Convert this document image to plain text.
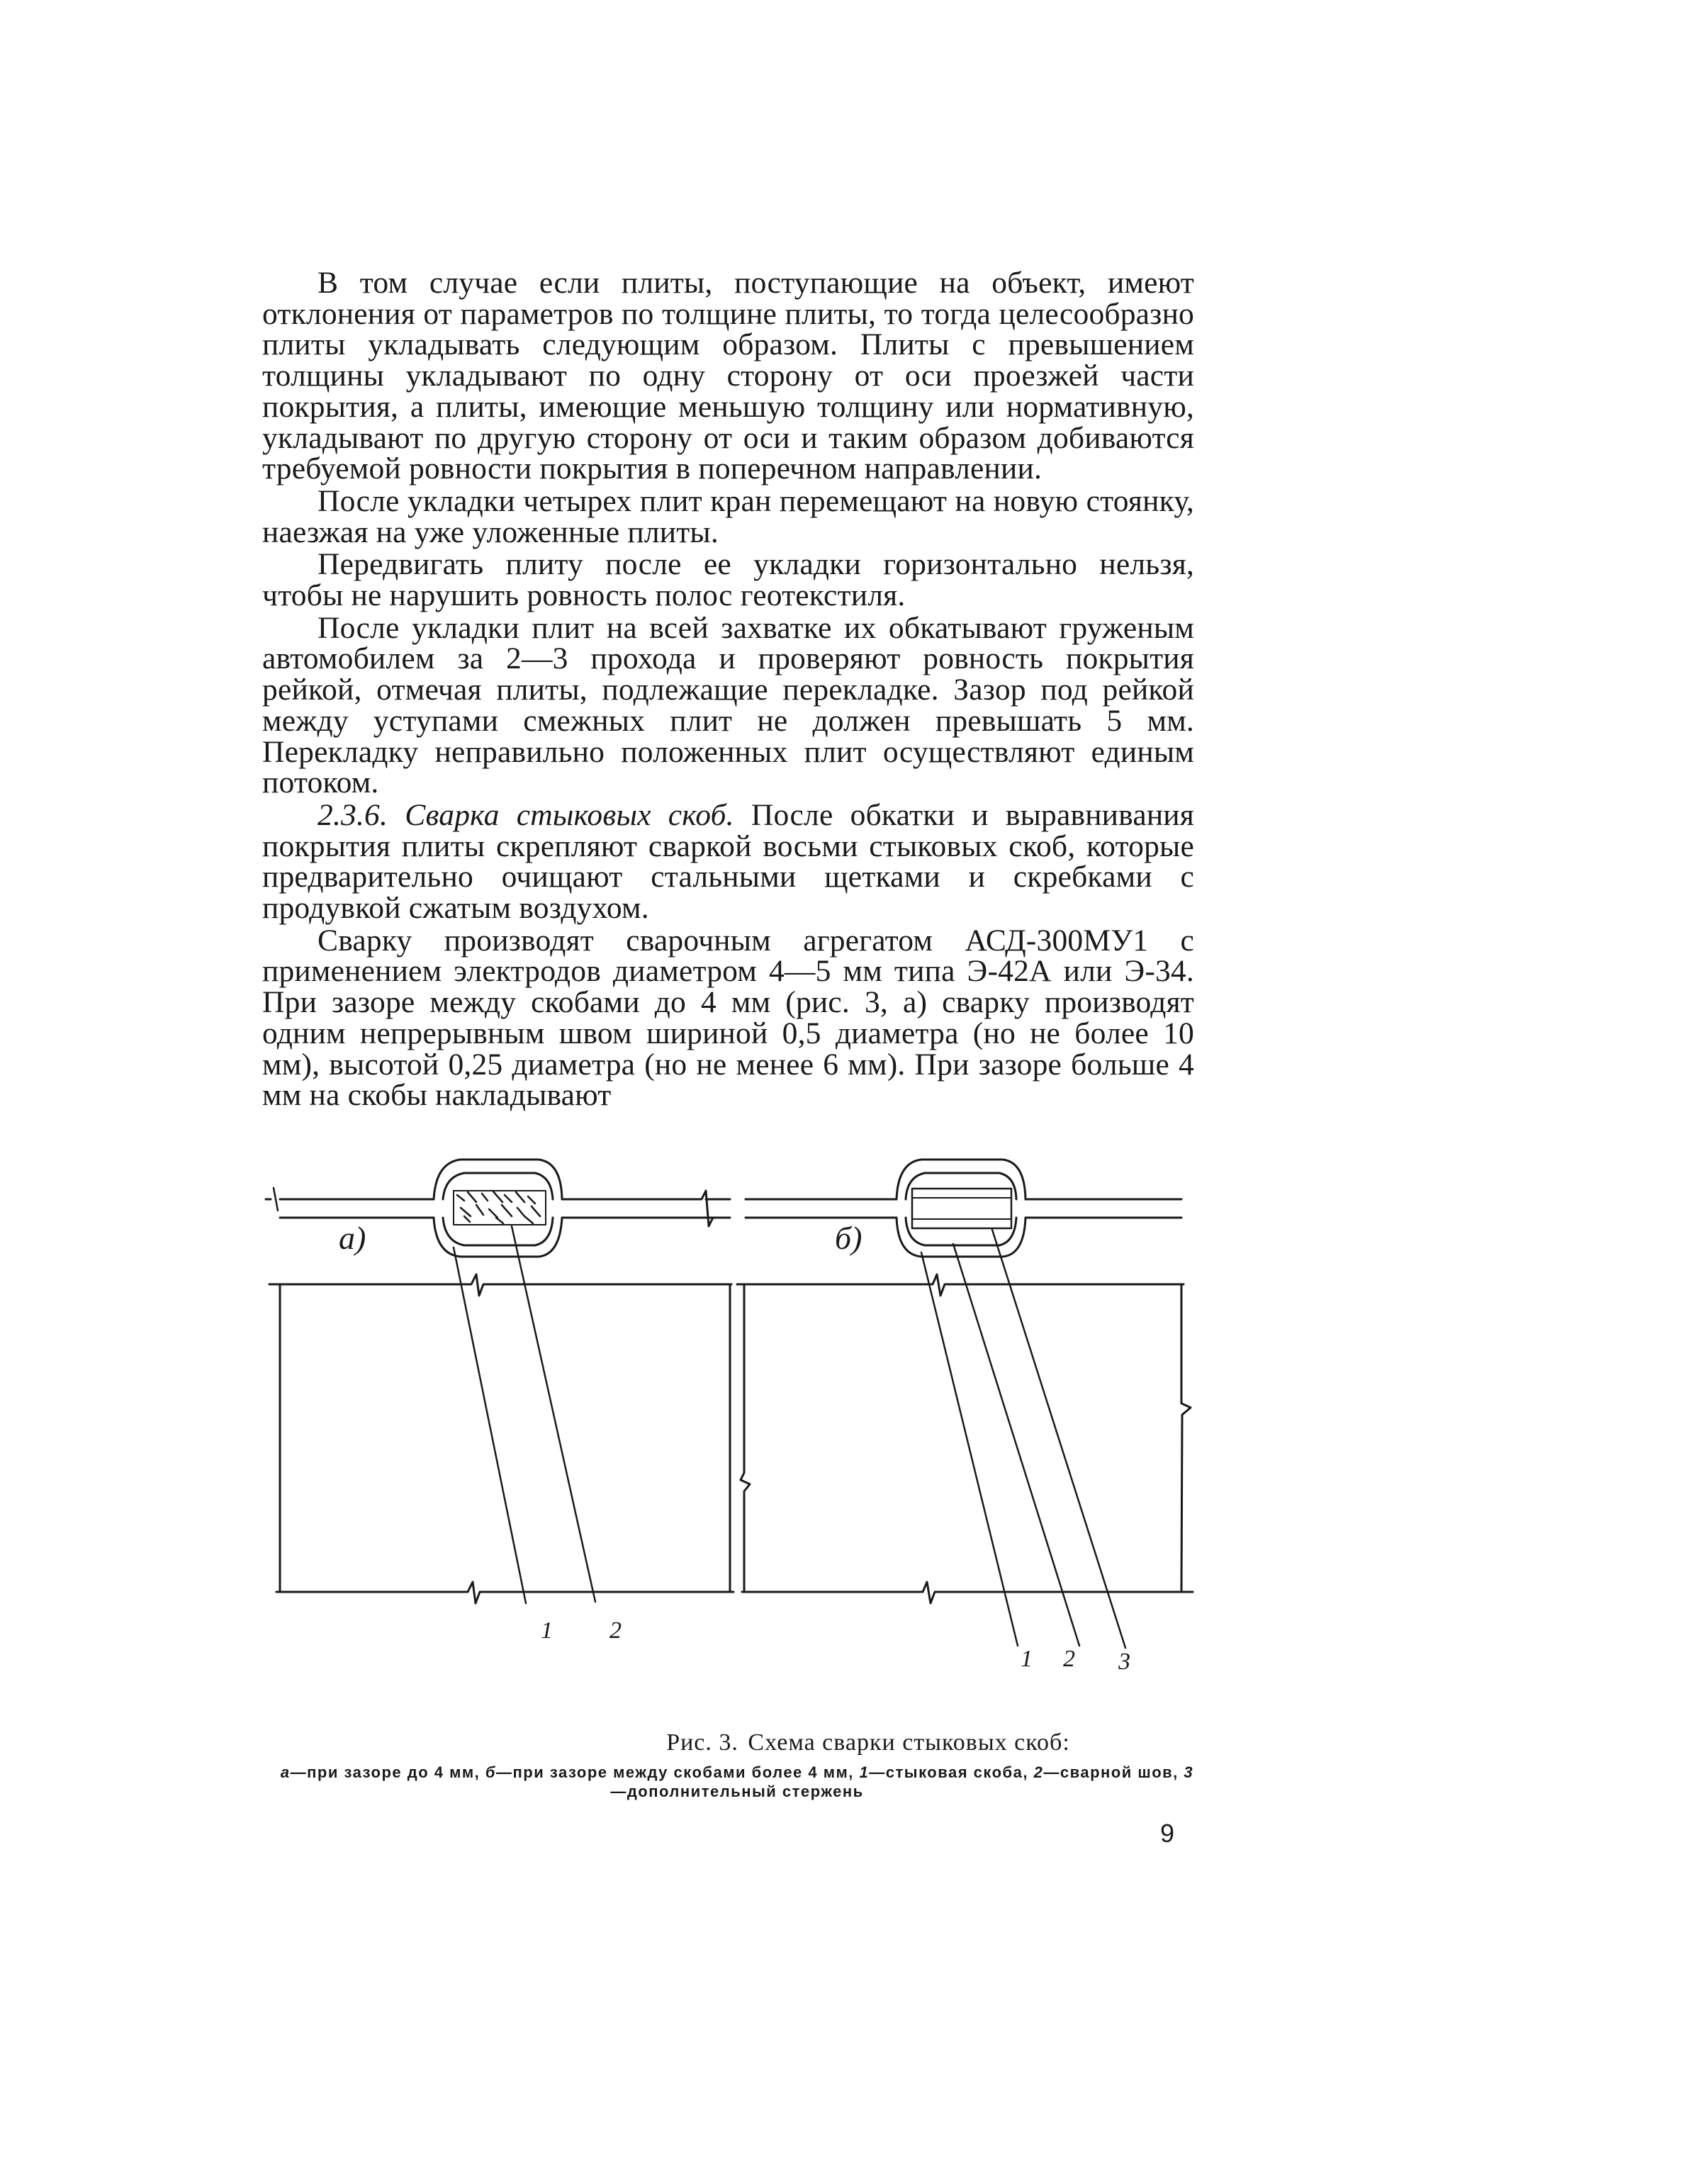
В том случае если плиты, поступающие на объект, имеют отклонения от параметров по толщине плиты, то тогда целесообразно плиты укладывать следующим образом. Плиты с превышением толщины укладывают по одну сторону от оси проезжей части покрытия, а плиты, имеющие меньшую толщину или нормативную, укладывают по другую сторону от оси и таким образом добиваются требуемой ровности покрытия в поперечном направлении.

После укладки четырех плит кран перемещают на новую стоянку, наезжая на уже уложенные плиты.

Передвигать плиту после ее укладки горизонтально нельзя, чтобы не нарушить ровность полос геотекстиля.

После укладки плит на всей захватке их обкатывают груженым автомобилем за 2—3 прохода и проверяют ровность покрытия рейкой, отмечая плиты, подлежащие перекладке. Зазор под рейкой между уступами смежных плит не должен превышать 5 мм. Перекладку неправильно положенных плит осуществляют единым потоком.

2.3.6. Сварка стыковых скоб. После обкатки и выравнивания покрытия плиты скрепляют сваркой восьми стыковых скоб, которые предварительно очищают стальными щетками и скребками с продувкой сжатым воздухом.

Сварку производят сварочным агрегатом АСД-300МУ1 с применением электродов диаметром 4—5 мм типа Э-42А или Э-34. При зазоре между скобами до 4 мм (рис. 3, а) сварку производят одним непрерывным швом шириной 0,5 диаметра (но не более 10 мм), высотой 0,25 диаметра (но не менее 6 мм). При зазоре больше 4 мм на скобы накладывают

а)	б)
1 2
1 2 3
Рис. 3. Схема сварки стыковых скоб:
а—при зазоре до 4 мм, б—при зазоре между скобами более 4 мм, 1—стыковая скоба, 2—сварной шов, 3—дополнительный стержень
9
